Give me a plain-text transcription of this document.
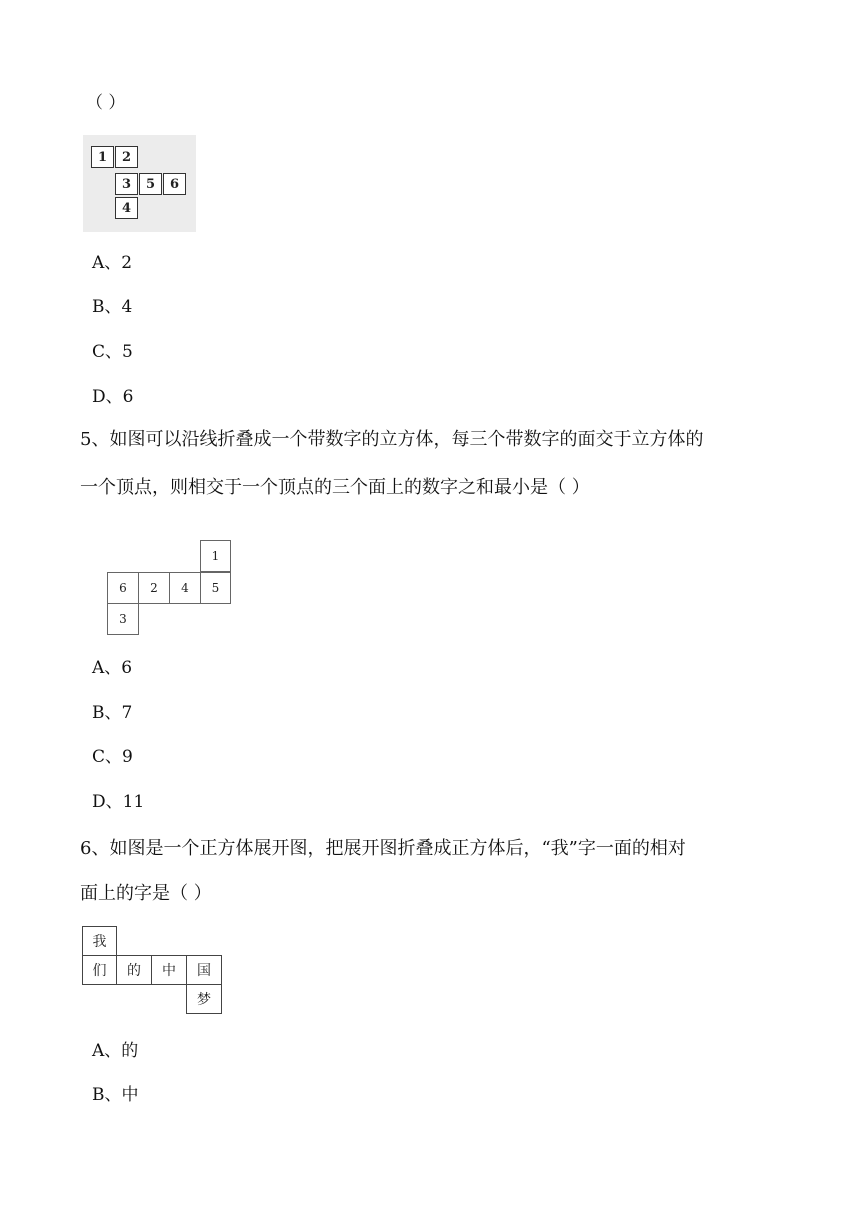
（ ）
1	2
3	5	6
4
A、2
B、4
C、5
D、6
5、如图可以沿线折叠成一个带数字的立方体，每三个带数字的面交于立方体的
一个顶点，则相交于一个顶点的三个面上的数字之和最小是（ ）
1
6	2	4	5
3
A、6
B、7
C、9
D、11
6、如图是一个正方体展开图，把展开图折叠成正方体后，“我”字一面的相对
面上的字是（ ）
我
们	的	中	国
梦
A、的
B、中
